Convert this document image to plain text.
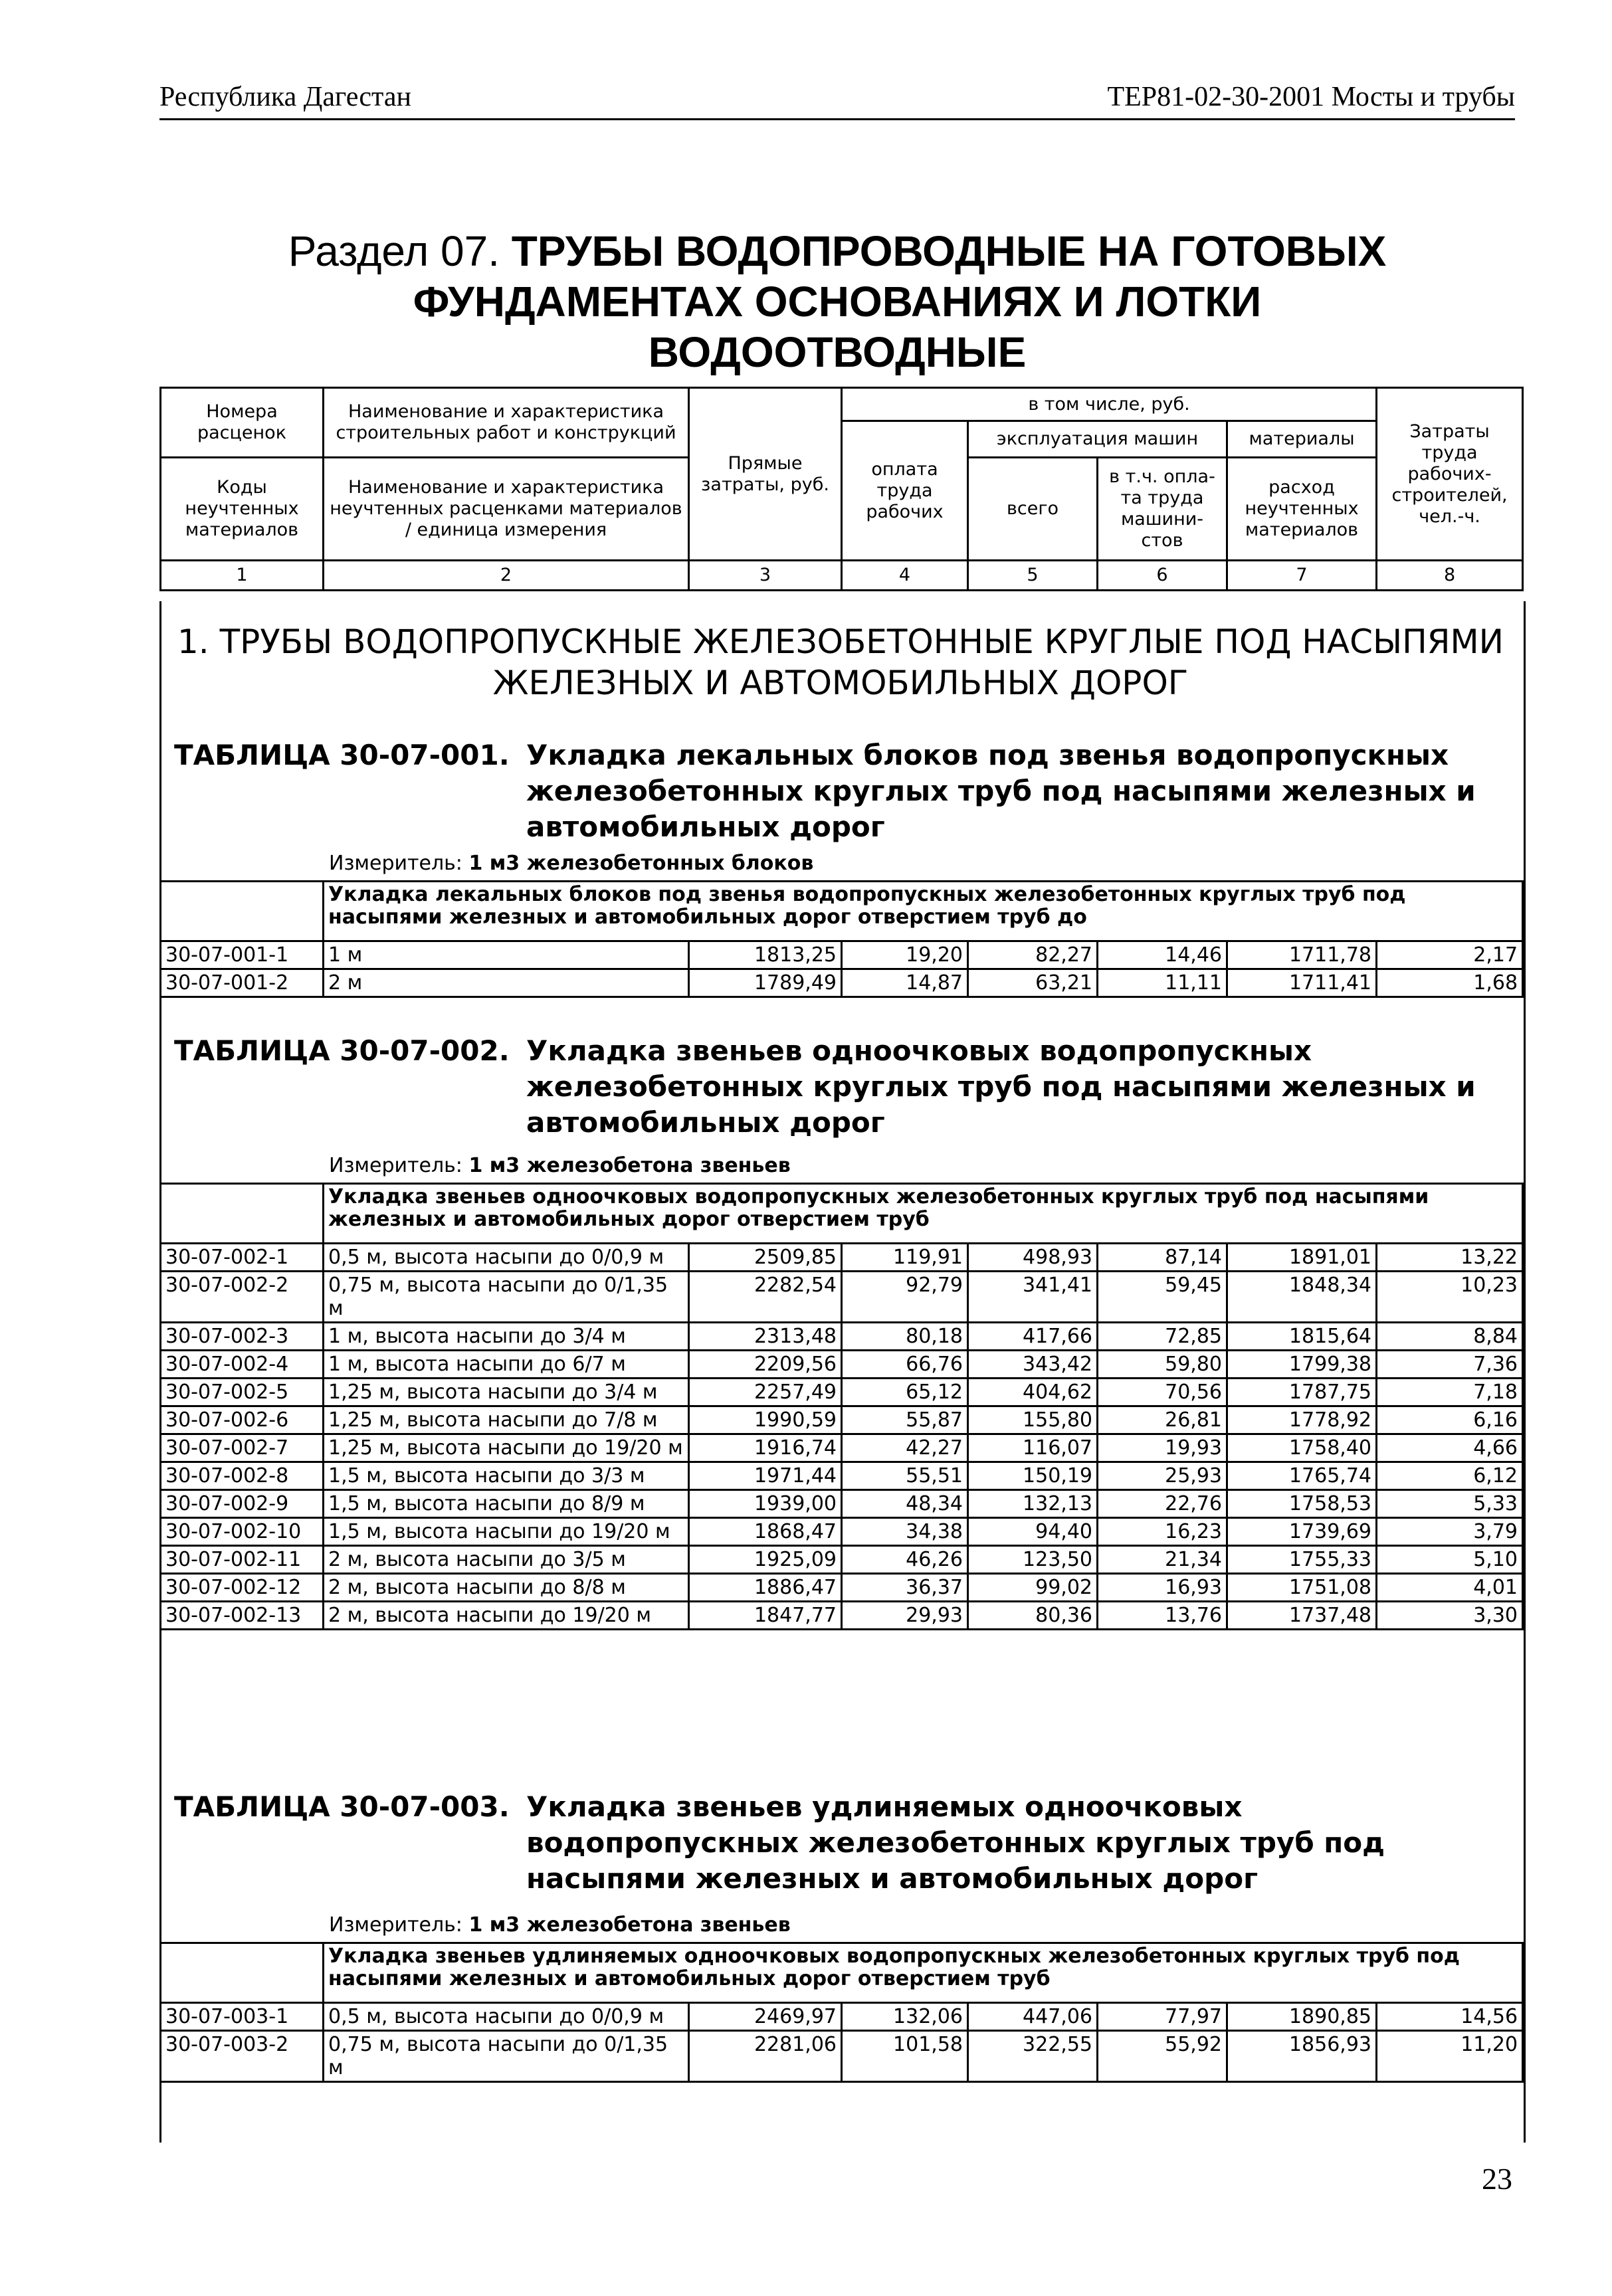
Республика Дагестан	ТЕР81-02-30-2001 Мосты и трубы
Раздел 07. ТРУБЫ ВОДОПРОВОДНЫЕ НА ГОТОВЫХ
ФУНДАМЕНТАХ ОСНОВАНИЯХ И ЛОТКИ
ВОДООТВОДНЫЕ
Номера расценок	Наименование и характеристика строительных работ и конструкций	Прямые затраты, руб.	в том числе, руб.				Затраты труда рабочих-строителей, чел.-ч.
			оплата труда рабочих	эксплуатация машин		материалы	
Коды неучтенных материалов	Наименование и характеристика неучтенных расценками материалов / единица измерения			всего	в т.ч. опла-та труда машини-стов	расход неучтенных материалов	

1	2	3	4	5	6	7	8
1. ТРУБЫ ВОДОПРОПУСКНЫЕ ЖЕЛЕЗОБЕТОННЫЕ КРУГЛЫЕ ПОД НАСЫПЯМИ ЖЕЛЕЗНЫХ И АВТОМОБИЛЬНЫХ ДОРОГ
ТАБЛИЦА 30-07-001. Укладка лекальных блоков под звенья водопропускных железобетонных круглых труб под насыпями железных и автомобильных дорог
Измеритель: 1 м3 железобетонных блоков
	Укладка лекальных блоков под звенья водопропускных железобетонных круглых труб под насыпями железных и автомобильных дорог отверстием труб до						
30-07-001-1	1 м	1813,25	19,20	82,27	14,46	1711,78	2,17
30-07-001-2	2 м	1789,49	14,87	63,21	11,11	1711,41	1,68
ТАБЛИЦА 30-07-002. Укладка звеньев одноочковых водопропускных железобетонных круглых труб под насыпями железных и автомобильных дорог
Измеритель: 1 м3 железобетона звеньев
	Укладка звеньев одноочковых водопропускных железобетонных круглых труб под насыпями железных и автомобильных дорог отверстием труб						
30-07-002-1	0,5 м, высота насыпи до 0/0,9 м	2509,85	119,91	498,93	87,14	1891,01	13,22
30-07-002-2	0,75 м, высота насыпи до 0/1,35 м	2282,54	92,79	341,41	59,45	1848,34	10,23
30-07-002-3	1 м, высота насыпи до 3/4 м	2313,48	80,18	417,66	72,85	1815,64	8,84
30-07-002-4	1 м, высота насыпи до 6/7 м	2209,56	66,76	343,42	59,80	1799,38	7,36
30-07-002-5	1,25 м, высота насыпи до 3/4 м	2257,49	65,12	404,62	70,56	1787,75	7,18
30-07-002-6	1,25 м, высота насыпи до 7/8 м	1990,59	55,87	155,80	26,81	1778,92	6,16
30-07-002-7	1,25 м, высота насыпи до 19/20 м	1916,74	42,27	116,07	19,93	1758,40	4,66
30-07-002-8	1,5 м, высота насыпи до 3/3 м	1971,44	55,51	150,19	25,93	1765,74	6,12
30-07-002-9	1,5 м, высота насыпи до 8/9 м	1939,00	48,34	132,13	22,76	1758,53	5,33
30-07-002-10	1,5 м, высота насыпи до 19/20 м	1868,47	34,38	94,40	16,23	1739,69	3,79
30-07-002-11	2 м, высота насыпи до 3/5 м	1925,09	46,26	123,50	21,34	1755,33	5,10
30-07-002-12	2 м, высота насыпи до 8/8 м	1886,47	36,37	99,02	16,93	1751,08	4,01
30-07-002-13	2 м, высота насыпи до 19/20 м	1847,77	29,93	80,36	13,76	1737,48	3,30
ТАБЛИЦА 30-07-003. Укладка звеньев удлиняемых одноочковых водопропускных железобетонных круглых труб под насыпями железных и автомобильных дорог
Измеритель: 1 м3 железобетона звеньев
	Укладка звеньев удлиняемых одноочковых водопропускных железобетонных круглых труб под насыпями железных и автомобильных дорог отверстием труб						
30-07-003-1	0,5 м, высота насыпи до 0/0,9 м	2469,97	132,06	447,06	77,97	1890,85	14,56
30-07-003-2	0,75 м, высота насыпи до 0/1,35 м	2281,06	101,58	322,55	55,92	1856,93	11,20
23
